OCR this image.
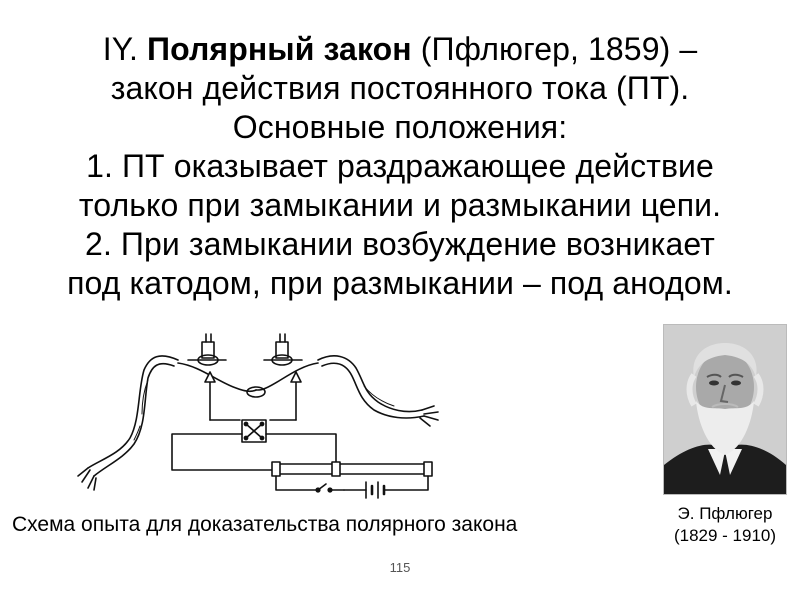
IY. Полярный закон (Пфлюгер, 1859) –
закон действия постоянного тока (ПТ).
Основные положения:
1. ПТ оказывает раздражающее действие
только при замыкании и размыкании цепи.
2. При замыкании возбуждение возникает
под катодом, при размыкании – под анодом.
Схема опыта для доказательства полярного закона	Э. Пфлюгер
(1829 - 1910)
115
